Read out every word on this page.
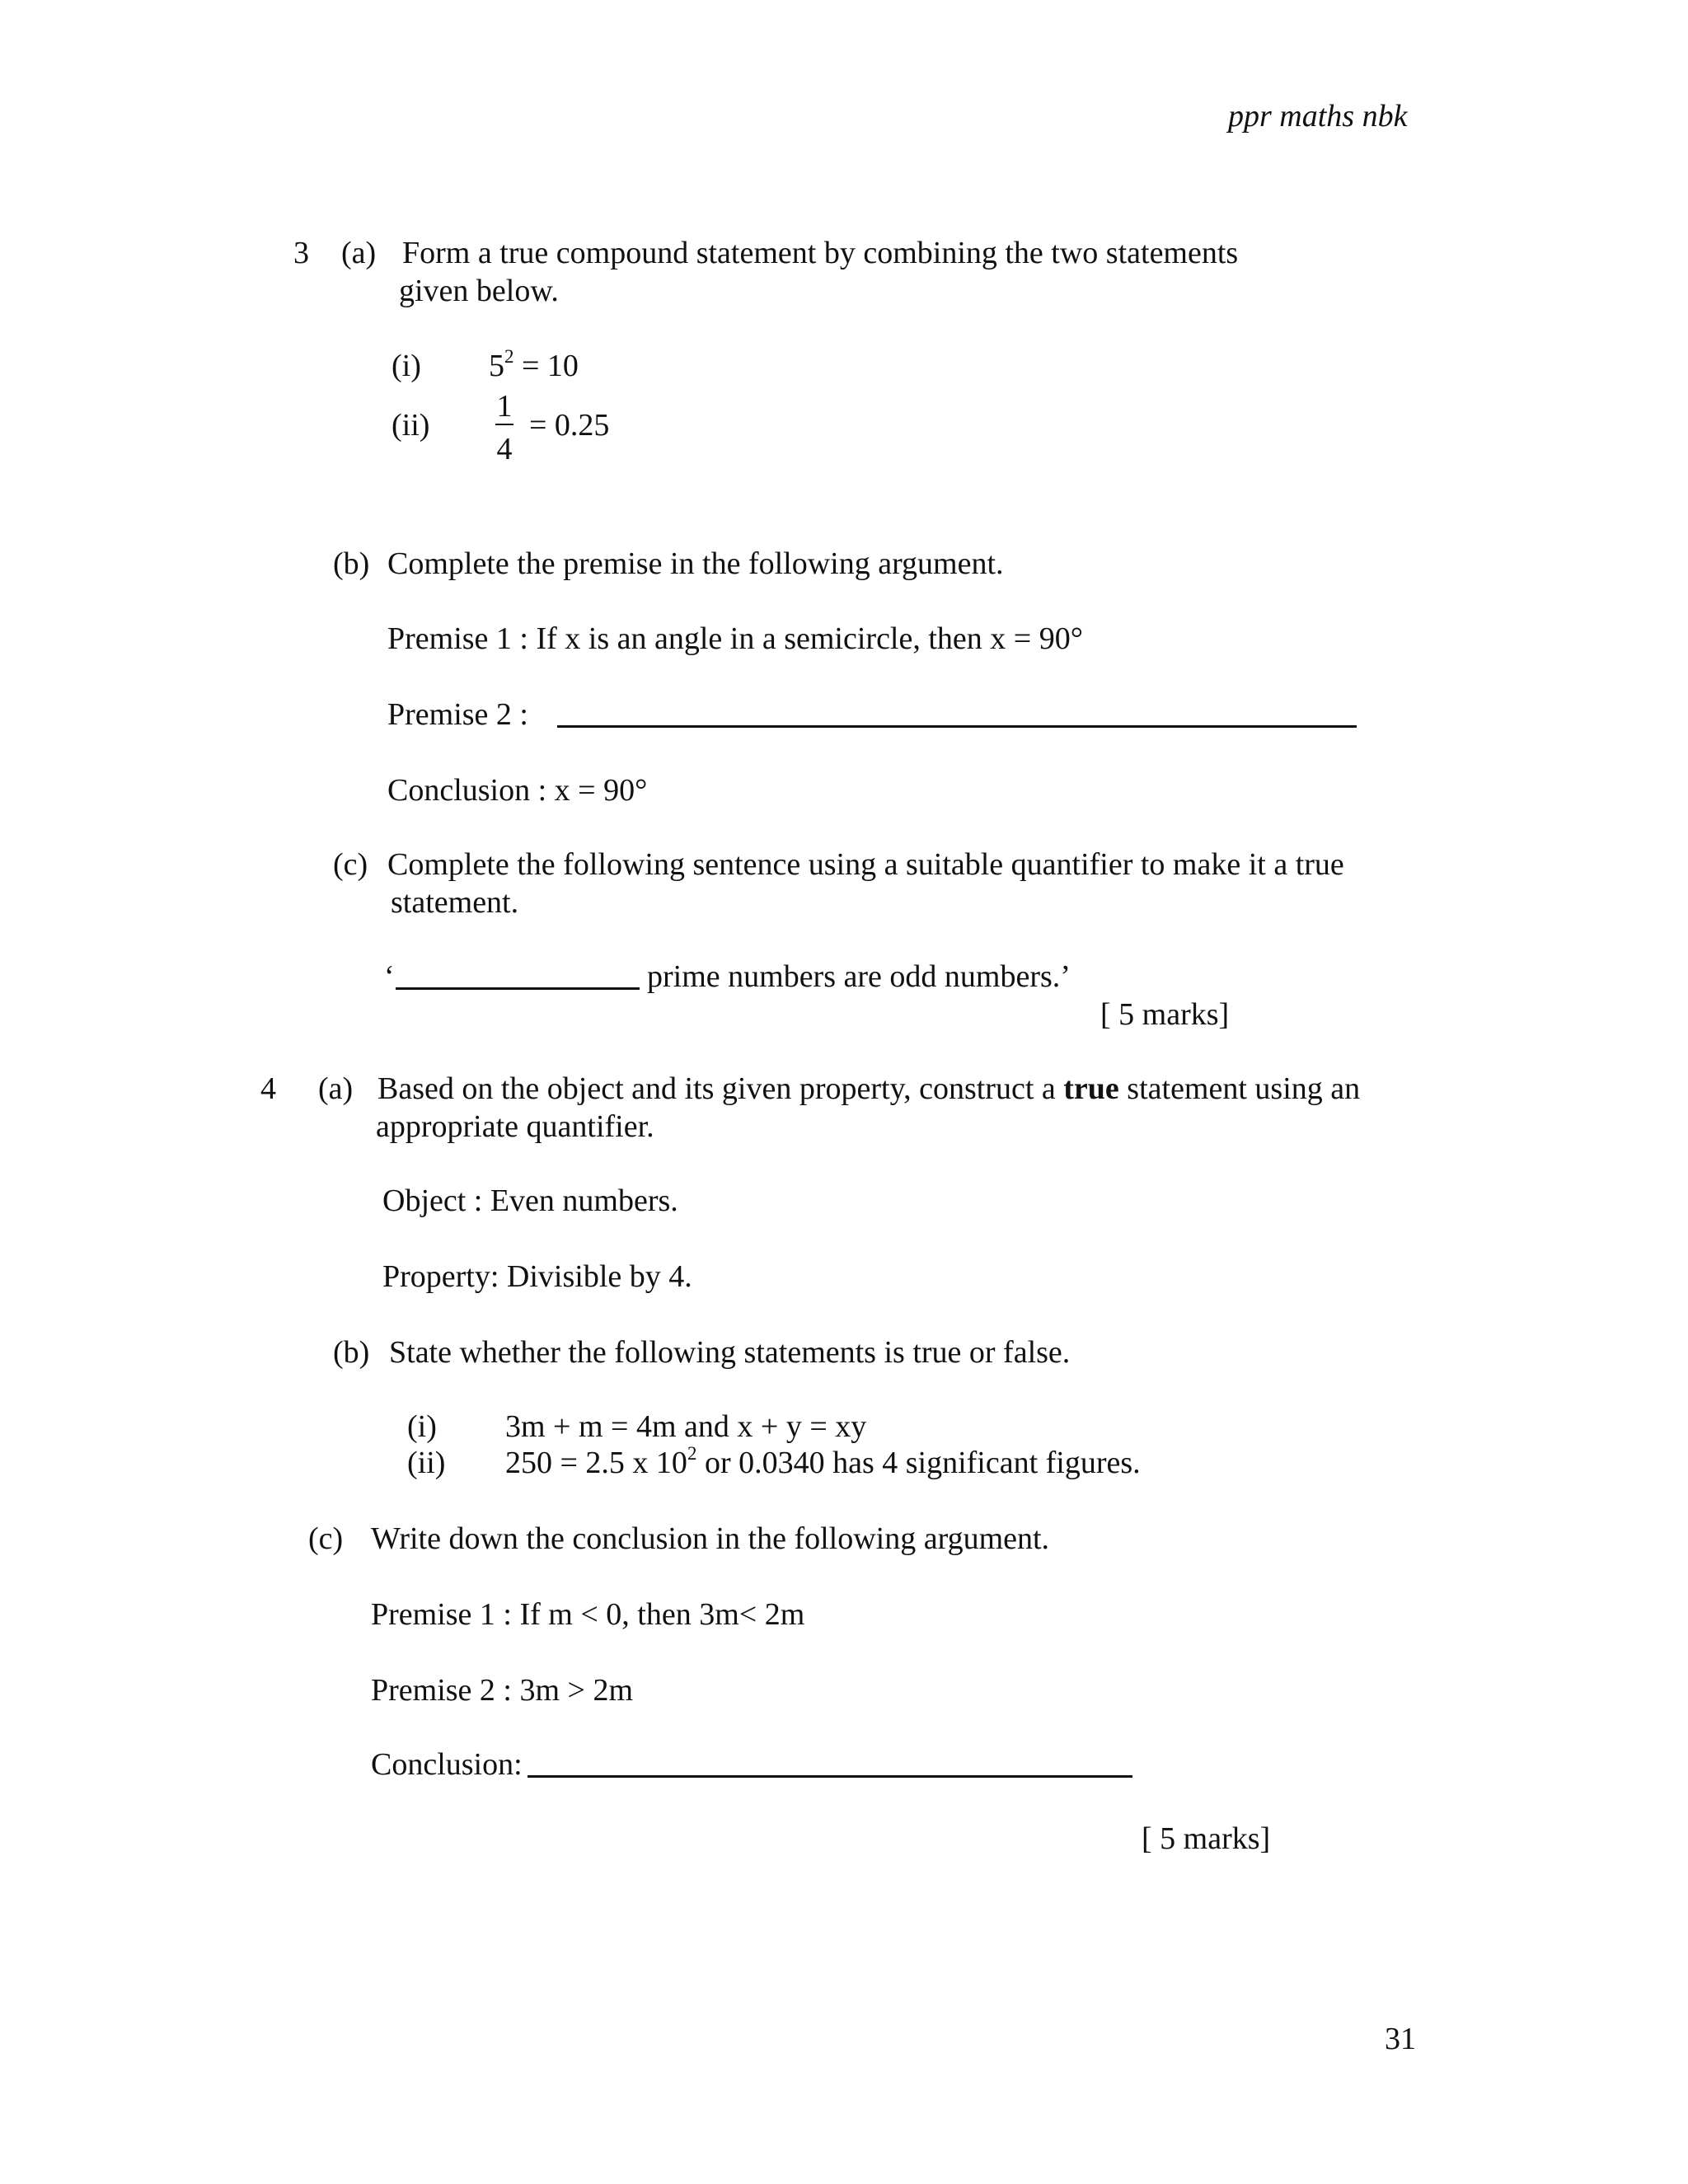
ppr maths nbk
3 (a) Form a true compound statement by combining the two statements
given below.
(i) $5^2 = 10$
(ii)
1
4
= 0.25
(b) Complete the premise in the following argument.
Premise 1 : If x is an angle in a semicircle, then x = 90°
Premise 2 :
Conclusion : x = 90°
(c) Complete the following sentence using a suitable quantifier to make it a true
statement.
‘	prime numbers are odd numbers.’
[ 5 marks]
4 (a) Based on the object and its given property, construct a true statement using an
appropriate quantifier.
Object : Even numbers.
Property: Divisible by 4.
(b) State whether the following statements is true or false.
(i) 3m + m = 4m and x + y = xy
(ii) 250 = 2.5 x $10^2$ or 0.0340 has 4 significant figures.
(c) Write down the conclusion in the following argument.
Premise 1 : If m < 0, then 3m< 2m
Premise 2 : 3m > 2m
Conclusion:
[ 5 marks]
31
